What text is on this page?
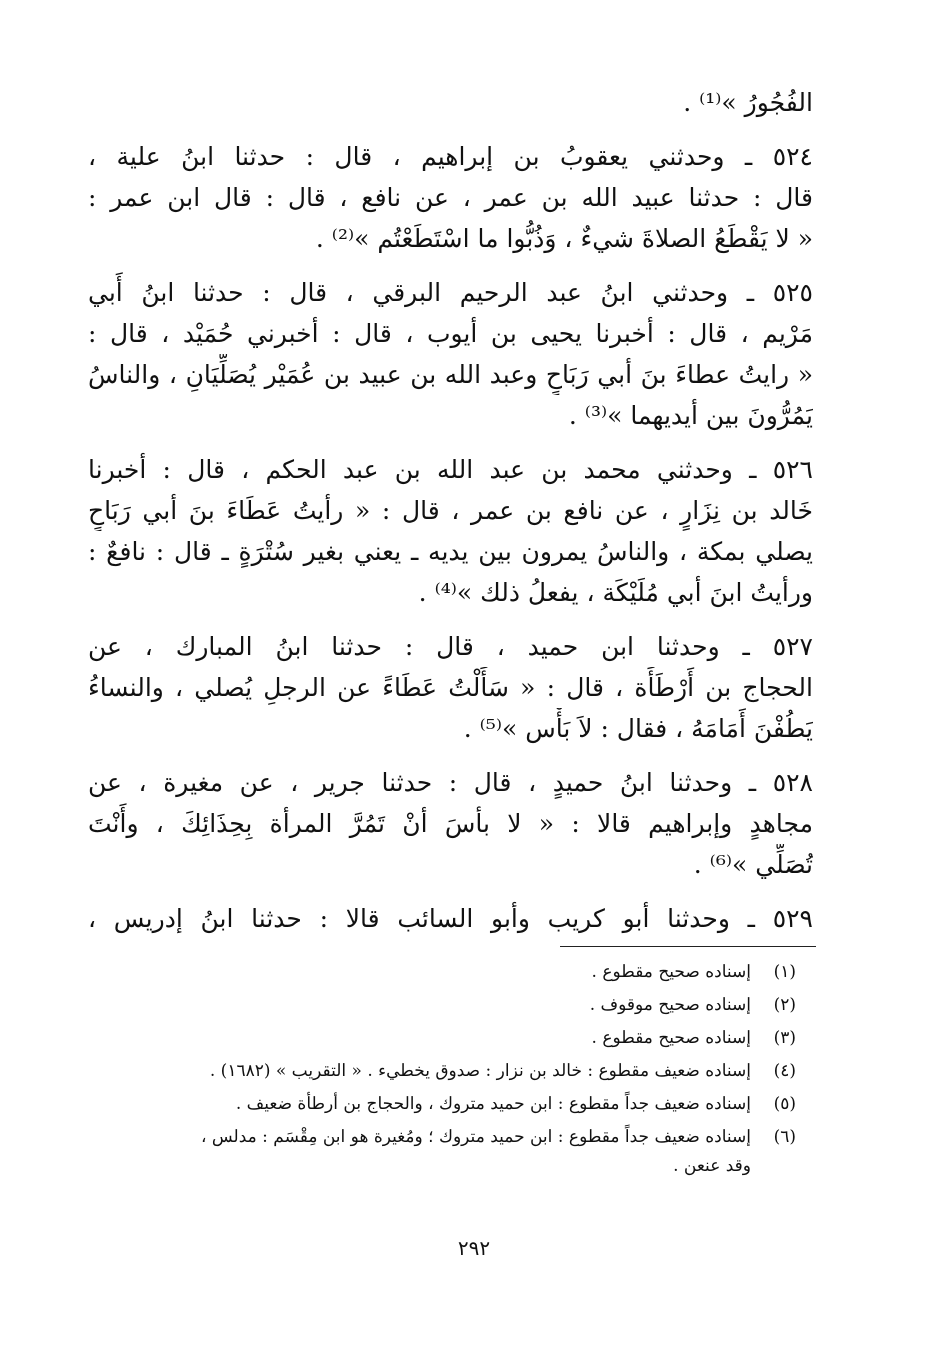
الفُجُورُ »⁽¹⁾ .
٥٢٤ ـ وحدثني يعقوبُ بن إبراهيم ، قال : حدثنا ابنُ علية ،
قال : حدثنا عبيد الله بن عمر ، عن نافع ، قال : قال ابن عمر :
« لا يَقْطَعُ الصلاةَ شيءٌ ، وَذُبُّوا ما اسْتَطَعْتُم »⁽²⁾ .
٥٢٥ ـ وحدثني ابنُ عبد الرحيم البرقي ، قال : حدثنا ابنُ أَبي
مَرْيم ، قال : أخبرنا يحيى بن أيوب ، قال : أخبرني حُمَيْد ، قال :
« رايتُ عطاءَ بنَ أبي رَبَاحٍ وعبد الله بن عبيد بن عُمَيْر يُصَلِّيَانِ ، والناسُ
يَمُرُّونَ بين أيديهما »⁽³⁾ .
٥٢٦ ـ وحدثني محمد بن عبد الله بن عبد الحكم ، قال : أخبرنا
خَالد بن نِزَارٍ ، عن نافع بن عمر ، قال : « رأيتُ عَطَاءَ بنَ أبي رَبَاحٍ
يصلي بمكة ، والناسُ يمرون بين يديه ـ يعني بغير سُتْرَةٍ ـ قال : نافعٌ :
ورأيتُ ابنَ أبي مُلَيْكَة ، يفعلُ ذلك »⁽⁴⁾ .
٥٢٧ ـ وحدثنا ابن حميد ، قال : حدثنا ابنُ المبارك ، عن
الحجاج بن أَرْطَأَة ، قال : « سَأَلْتُ عَطَاءً عن الرجلِ يُصلي ، والنساءُ
يَطُفْنَ أَمَامَهُ ، فقال : لاَ بَأْس »⁽⁵⁾ .
٥٢٨ ـ وحدثنا ابنُ حميدٍ ، قال : حدثنا جرير ، عن مغيرة ، عن
مجاهدٍ وإبراهيم قالا : « لا بأسَ أنْ تَمُرَّ المرأة بِحِذَائِكَ ، وأَنْتَ
تُصَلِّي »⁽⁶⁾ .
٥٢٩ ـ وحدثنا أبو كريب وأبو السائب قالا : حدثنا ابنُ إدريس ،
(١)
إسناده صحيح مقطوع .
(٢)
إسناده صحيح موقوف .
(٣)
إسناده صحيح مقطوع .
(٤)
إسناده ضعيف مقطوع : خالد بن نزار : صدوق يخطيء . « التقريب » (١٦٨٢) .
(٥)
إسناده ضعيف جداً مقطوع : ابن حميد متروك ، والحجاج بن أرطأة ضعيف .
(٦)
إسناده ضعيف جداً مقطوع : ابن حميد متروك ؛ ومُغيرة هو ابن مِقْسَم : مدلس ،
وقد عنعن .
٢٩٢
